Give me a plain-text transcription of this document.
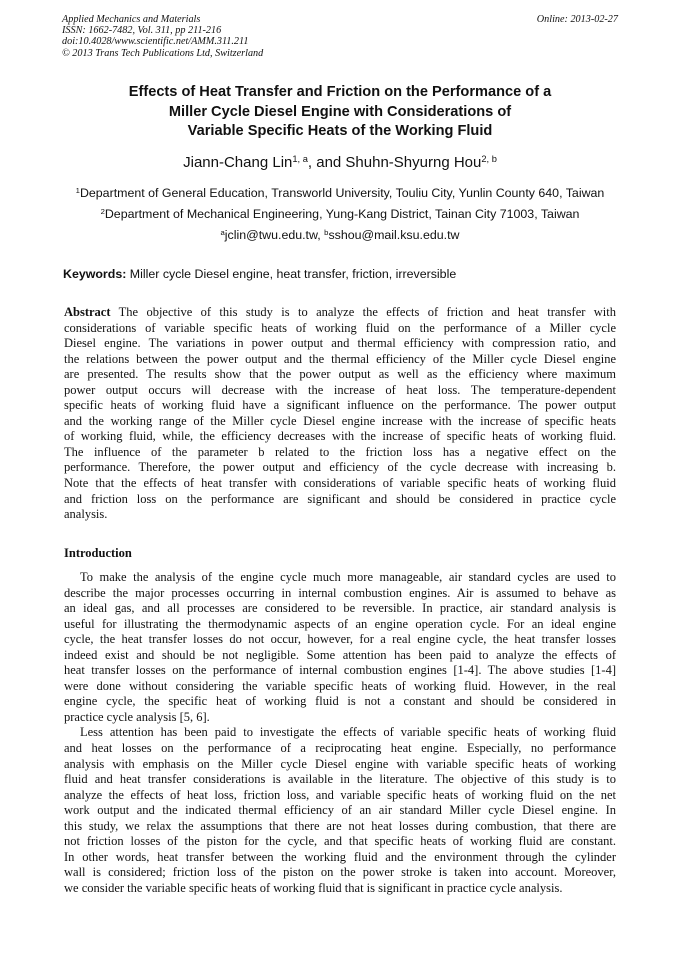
Applied Mechanics and Materials
ISSN: 1662-7482, Vol. 311, pp 211-216
doi:10.4028/www.scientific.net/AMM.311.211
© 2013 Trans Tech Publications Ltd, Switzerland
Online: 2013-02-27
Effects of Heat Transfer and Friction on the Performance of a
Miller Cycle Diesel Engine with Considerations of
Variable Specific Heats of the Working Fluid
Jiann-Chang Lin$^{1, a}$, and Shuhn-Shyurng Hou$^{2, b}$
$^1$Department of General Education, Transworld University, Touliu City, Yunlin County 640, Taiwan
$^2$Department of Mechanical Engineering, Yung-Kang District, Tainan City 71003, Taiwan
$^a$jclin@twu.edu.tw, $^b$sshou@mail.ksu.edu.tw
Keywords: Miller cycle Diesel engine, heat transfer, friction, irreversible
Abstract The objective of this study is to analyze the effects of friction and heat transfer with
considerations of variable specific heats of working fluid on the performance of a Miller cycle
Diesel engine. The variations in power output and thermal efficiency with compression ratio, and
the relations between the power output and the thermal efficiency of the Miller cycle Diesel engine
are presented. The results show that the power output as well as the efficiency where maximum
power output occurs will decrease with the increase of heat loss. The temperature-dependent
specific heats of working fluid have a significant influence on the performance. The power output
and the working range of the Miller cycle Diesel engine increase with the increase of specific heats
of working fluid, while, the efficiency decreases with the increase of specific heats of working fluid.
The influence of the parameter b related to the friction loss has a negative effect on the
performance. Therefore, the power output and efficiency of the cycle decrease with increasing b.
Note that the effects of heat transfer with considerations of variable specific heats of working fluid
and friction loss on the performance are significant and should be considered in practice cycle
analysis.
Introduction
To make the analysis of the engine cycle much more manageable, air standard cycles are used to
describe the major processes occurring in internal combustion engines. Air is assumed to behave as
an ideal gas, and all processes are considered to be reversible. In practice, air standard analysis is
useful for illustrating the thermodynamic aspects of an engine operation cycle. For an ideal engine
cycle, the heat transfer losses do not occur, however, for a real engine cycle, the heat transfer losses
indeed exist and should be not negligible. Some attention has been paid to analyze the effects of
heat transfer losses on the performance of internal combustion engines [1-4]. The above studies [1-4]
were done without considering the variable specific heats of working fluid. However, in the real
engine cycle, the specific heat of working fluid is not a constant and should be considered in
practice cycle analysis [5, 6].
Less attention has been paid to investigate the effects of variable specific heats of working fluid
and heat losses on the performance of a reciprocating heat engine. Especially, no performance
analysis with emphasis on the Miller cycle Diesel engine with variable specific heats of working
fluid and heat transfer considerations is available in the literature. The objective of this study is to
analyze the effects of heat loss, friction loss, and variable specific heats of working fluid on the net
work output and the indicated thermal efficiency of an air standard Miller cycle Diesel engine. In
this study, we relax the assumptions that there are not heat losses during combustion, that there are
not friction losses of the piston for the cycle, and that specific heats of working fluid are constant.
In other words, heat transfer between the working fluid and the environment through the cylinder
wall is considered; friction loss of the piston on the power stroke is taken into account. Moreover,
we consider the variable specific heats of working fluid that is significant in practice cycle analysis.
